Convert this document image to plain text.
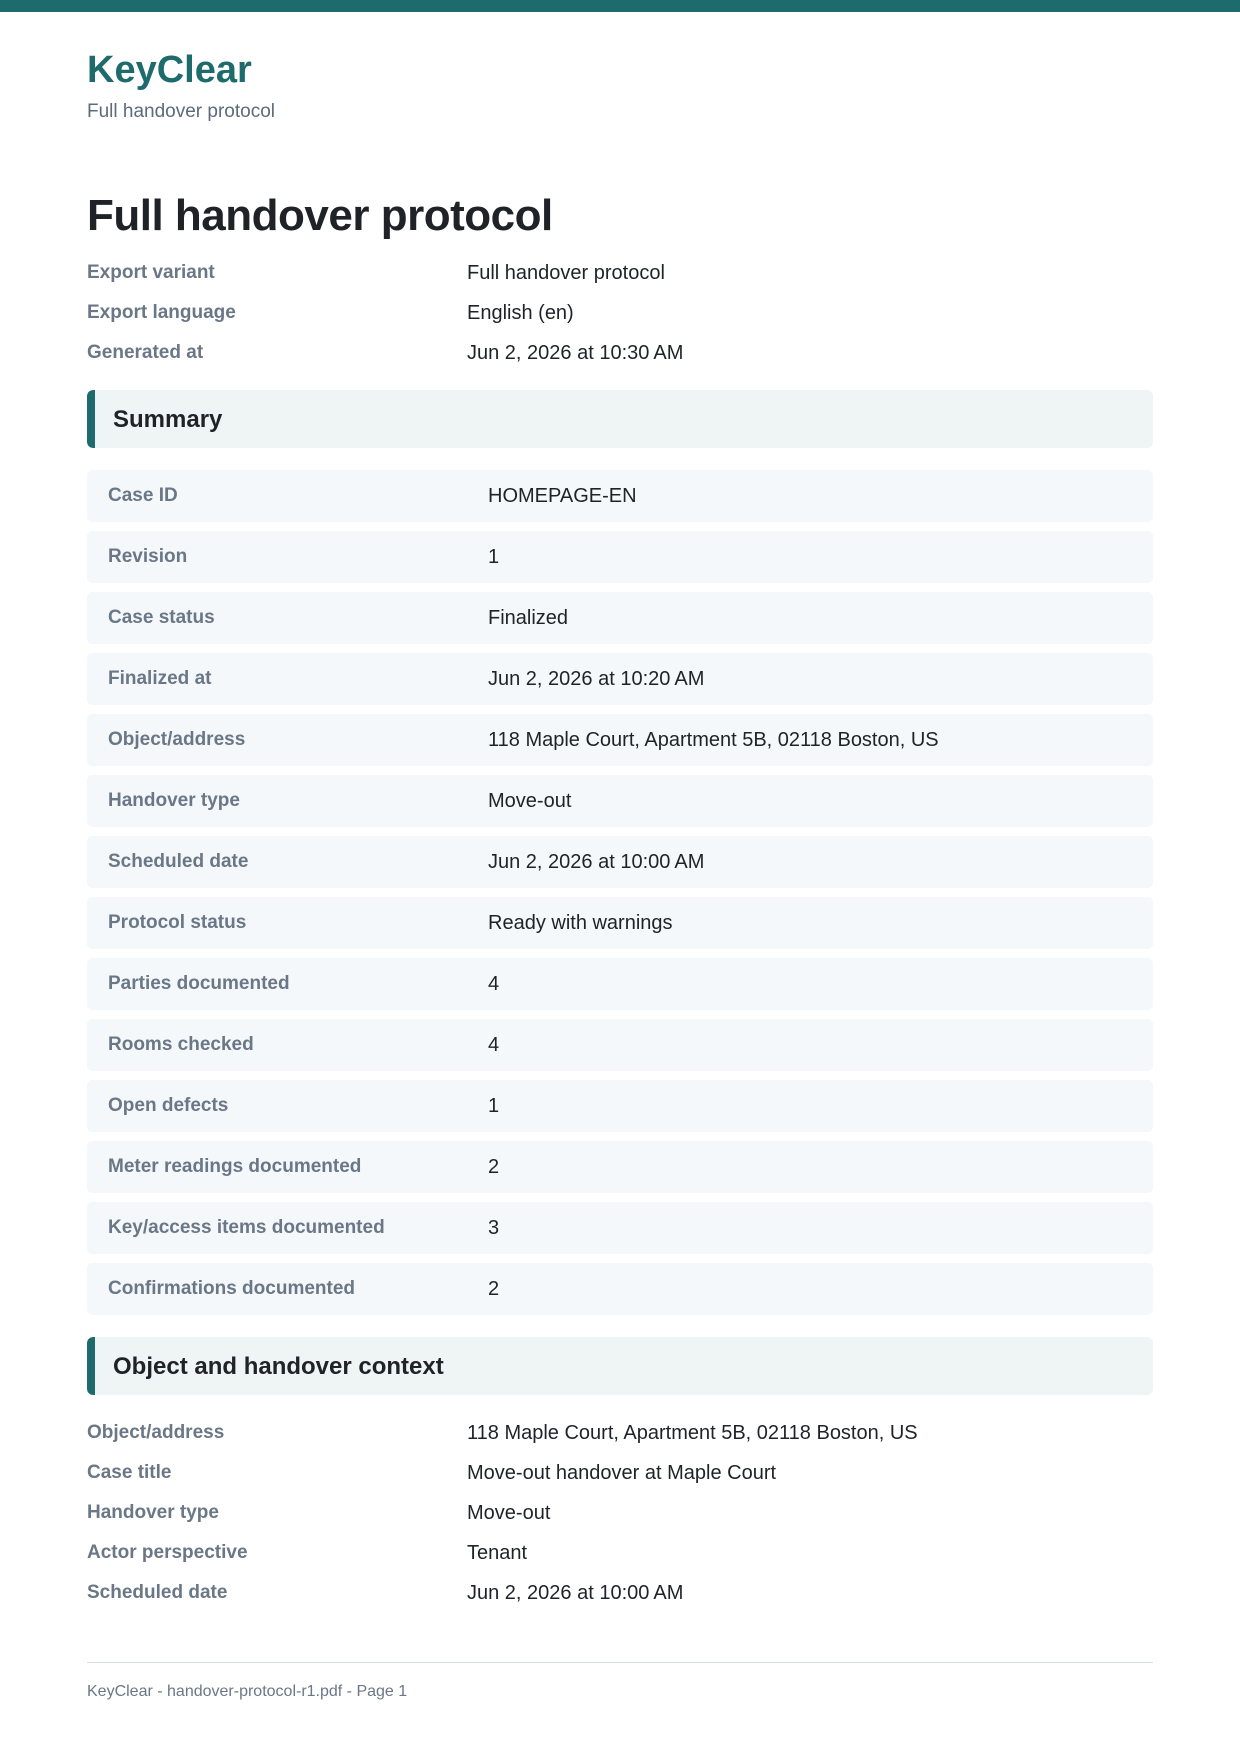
KeyClear
Full handover protocol
Full handover protocol
Export variant	Full handover protocol
Export language	English (en)
Generated at	Jun 2, 2026 at 10:30 AM
Summary
Case ID	HOMEPAGE-EN
Revision	1
Case status	Finalized
Finalized at	Jun 2, 2026 at 10:20 AM
Object/address	118 Maple Court, Apartment 5B, 02118 Boston, US
Handover type	Move-out
Scheduled date	Jun 2, 2026 at 10:00 AM
Protocol status	Ready with warnings
Parties documented	4
Rooms checked	4
Open defects	1
Meter readings documented	2
Key/access items documented	3
Confirmations documented	2
Object and handover context
Object/address	118 Maple Court, Apartment 5B, 02118 Boston, US
Case title	Move-out handover at Maple Court
Handover type	Move-out
Actor perspective	Tenant
Scheduled date	Jun 2, 2026 at 10:00 AM
KeyClear - handover-protocol-r1.pdf - Page 1
